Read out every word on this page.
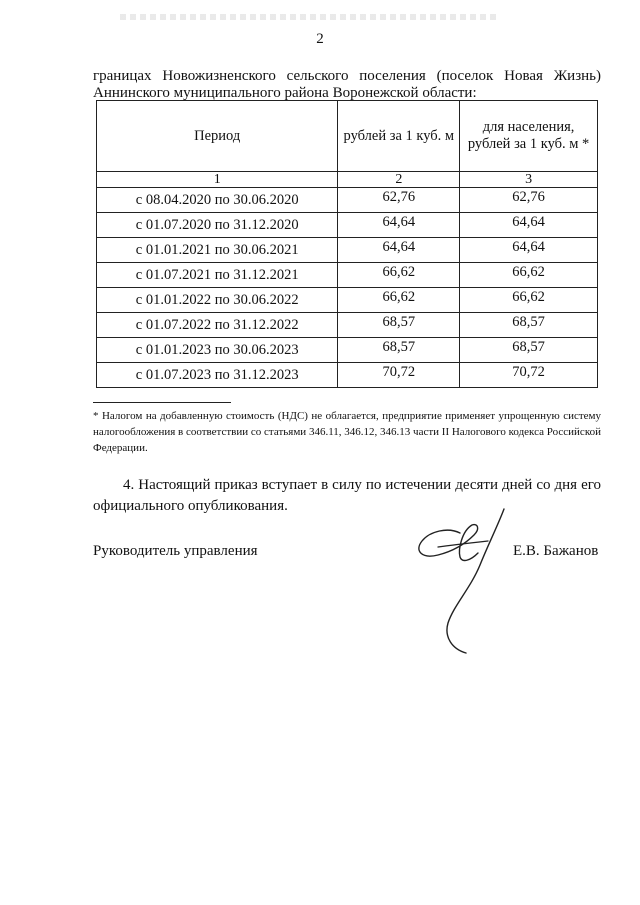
2
границах Новожизненского сельского поселения (поселок Новая Жизнь)
Аннинского муниципального района Воронежской области:
Период	рублей за 1 куб. м	для населения, рублей за 1 куб. м *
1	2	3
с 08.04.2020 по 30.06.2020	62,76	62,76
с 01.07.2020 по 31.12.2020	64,64	64,64
с 01.01.2021 по 30.06.2021	64,64	64,64
с 01.07.2021 по 31.12.2021	66,62	66,62
с 01.01.2022 по 30.06.2022	66,62	66,62
с 01.07.2022 по 31.12.2022	68,57	68,57
с 01.01.2023 по 30.06.2023	68,57	68,57
с 01.07.2023 по 31.12.2023	70,72	70,72
* Налогом на добавленную стоимость (НДС) не облагается, предприятие применяет упрощенную систему налогообложения в соответствии со статьями 346.11, 346.12, 346.13 части II Налогового кодекса Российской Федерации.
4. Настоящий приказ вступает в силу по истечении десяти дней со дня его официального опубликования.
Руководитель управления	Е.В. Бажанов
